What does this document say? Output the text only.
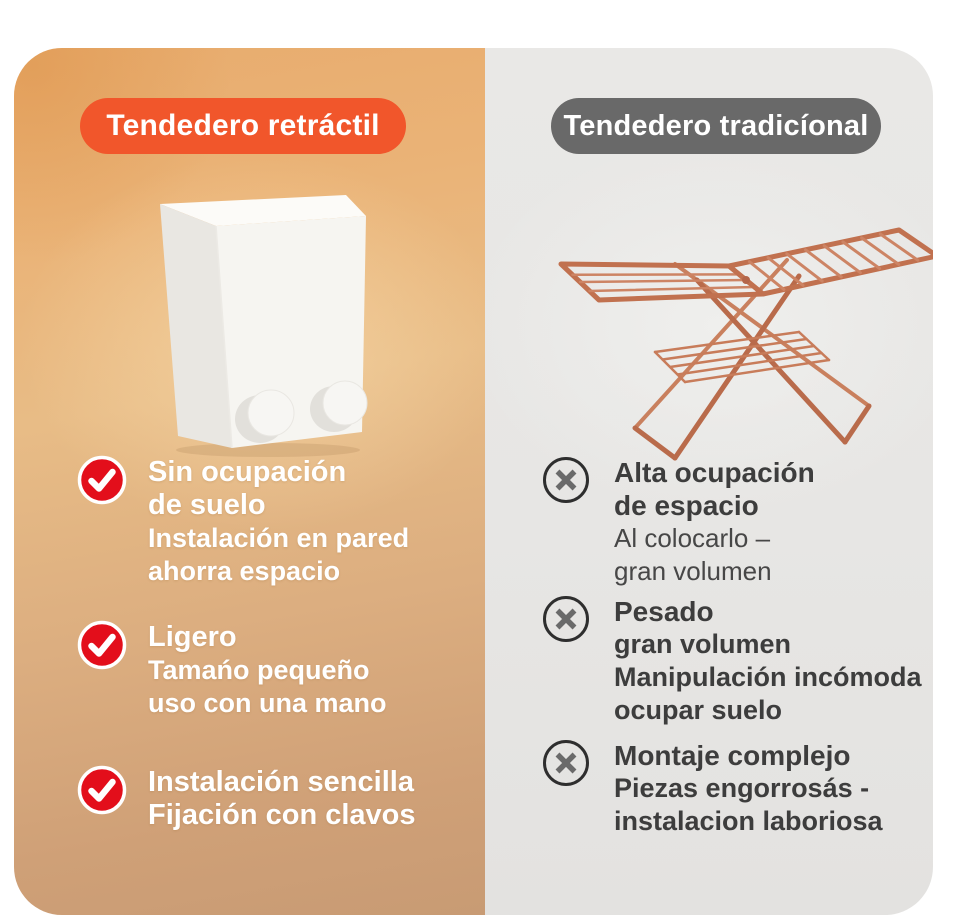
Tendedero retráctil
Sin ocupación
de suelo
Instalación en pared
ahorra espacio
Ligero
Tamańo pequeño
uso con una mano
Instalación sencilla
Fijación con clavos
Tendedero tradicíonal
Alta ocupación
de espacio
Al colocarlo –
gran volumen
Pesado
gran volumen
Manipulación incómoda
ocupar suelo
Montaje complejo
Piezas engorrosás -
instalacion laboriosa
